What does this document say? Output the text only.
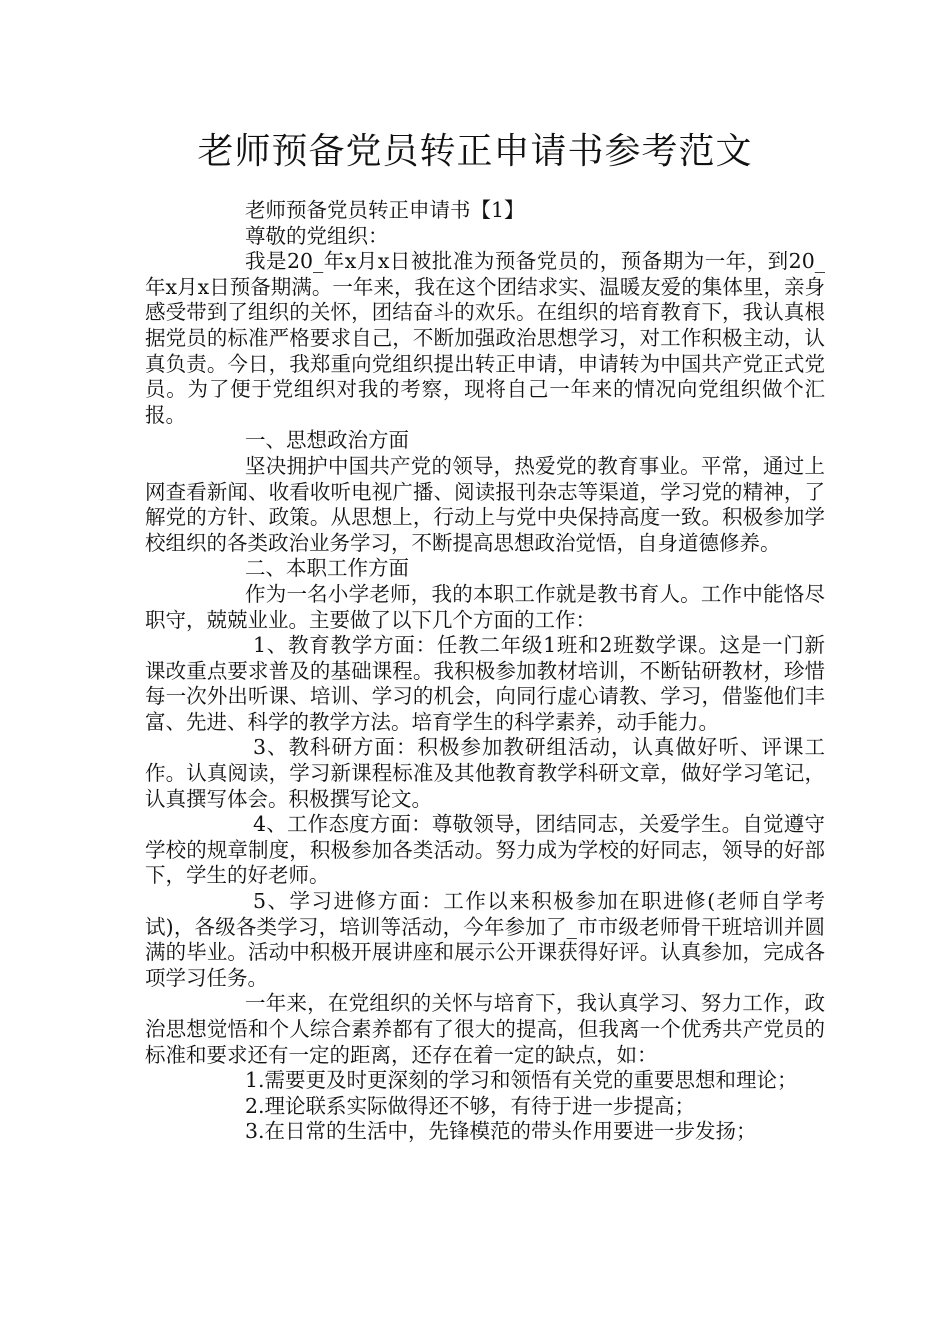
老师预备党员转正申请书参考范文

老师预备党员转正申请书【1】

尊敬的党组织：

我是20_年x月x日被批准为预备党员的，预备期为一年，到20_年x月x日预备期满。一年来，我在这个团结求实、温暖友爱的集体里，亲身感受带到了组织的关怀，团结奋斗的欢乐。在组织的培育教育下，我认真根据党员的标准严格要求自己，不断加强政治思想学习，对工作积极主动，认真负责。今日，我郑重向党组织提出转正申请，申请转为中国共产党正式党员。为了便于党组织对我的考察，现将自己一年来的情况向党组织做个汇报。

一、思想政治方面

坚决拥护中国共产党的领导，热爱党的教育事业。平常，通过上网查看新闻、收看收听电视广播、阅读报刊杂志等渠道，学习党的精神，了解党的方针、政策。从思想上，行动上与党中央保持高度一致。积极参加学校组织的各类政治业务学习，不断提高思想政治觉悟，自身道德修养。

二、本职工作方面

作为一名小学老师，我的本职工作就是教书育人。工作中能恪尽职守，兢兢业业。主要做了以下几个方面的工作：

1、教育教学方面：任教二年级1班和2班数学课。这是一门新课改重点要求普及的基础课程。我积极参加教材培训，不断钻研教材，珍惜每一次外出听课、培训、学习的机会，向同行虚心请教、学习，借鉴他们丰富、先进、科学的教学方法。培育学生的科学素养，动手能力。

3、教科研方面：积极参加教研组活动，认真做好听、评课工作。认真阅读，学习新课程标准及其他教育教学科研文章，做好学习笔记，认真撰写体会。积极撰写论文。

4、工作态度方面：尊敬领导，团结同志，关爱学生。自觉遵守学校的规章制度，积极参加各类活动。努力成为学校的好同志，领导的好部下，学生的好老师。

5、学习进修方面：工作以来积极参加在职进修(老师自学考试)，各级各类学习，培训等活动，今年参加了_市市级老师骨干班培训并圆满的毕业。活动中积极开展讲座和展示公开课获得好评。认真参加，完成各项学习任务。

一年来，在党组织的关怀与培育下，我认真学习、努力工作，政治思想觉悟和个人综合素养都有了很大的提高，但我离一个优秀共产党员的标准和要求还有一定的距离，还存在着一定的缺点，如：

1.需要更及时更深刻的学习和领悟有关党的重要思想和理论；

2.理论联系实际做得还不够，有待于进一步提高；

3.在日常的生活中，先锋模范的带头作用要进一步发扬；
